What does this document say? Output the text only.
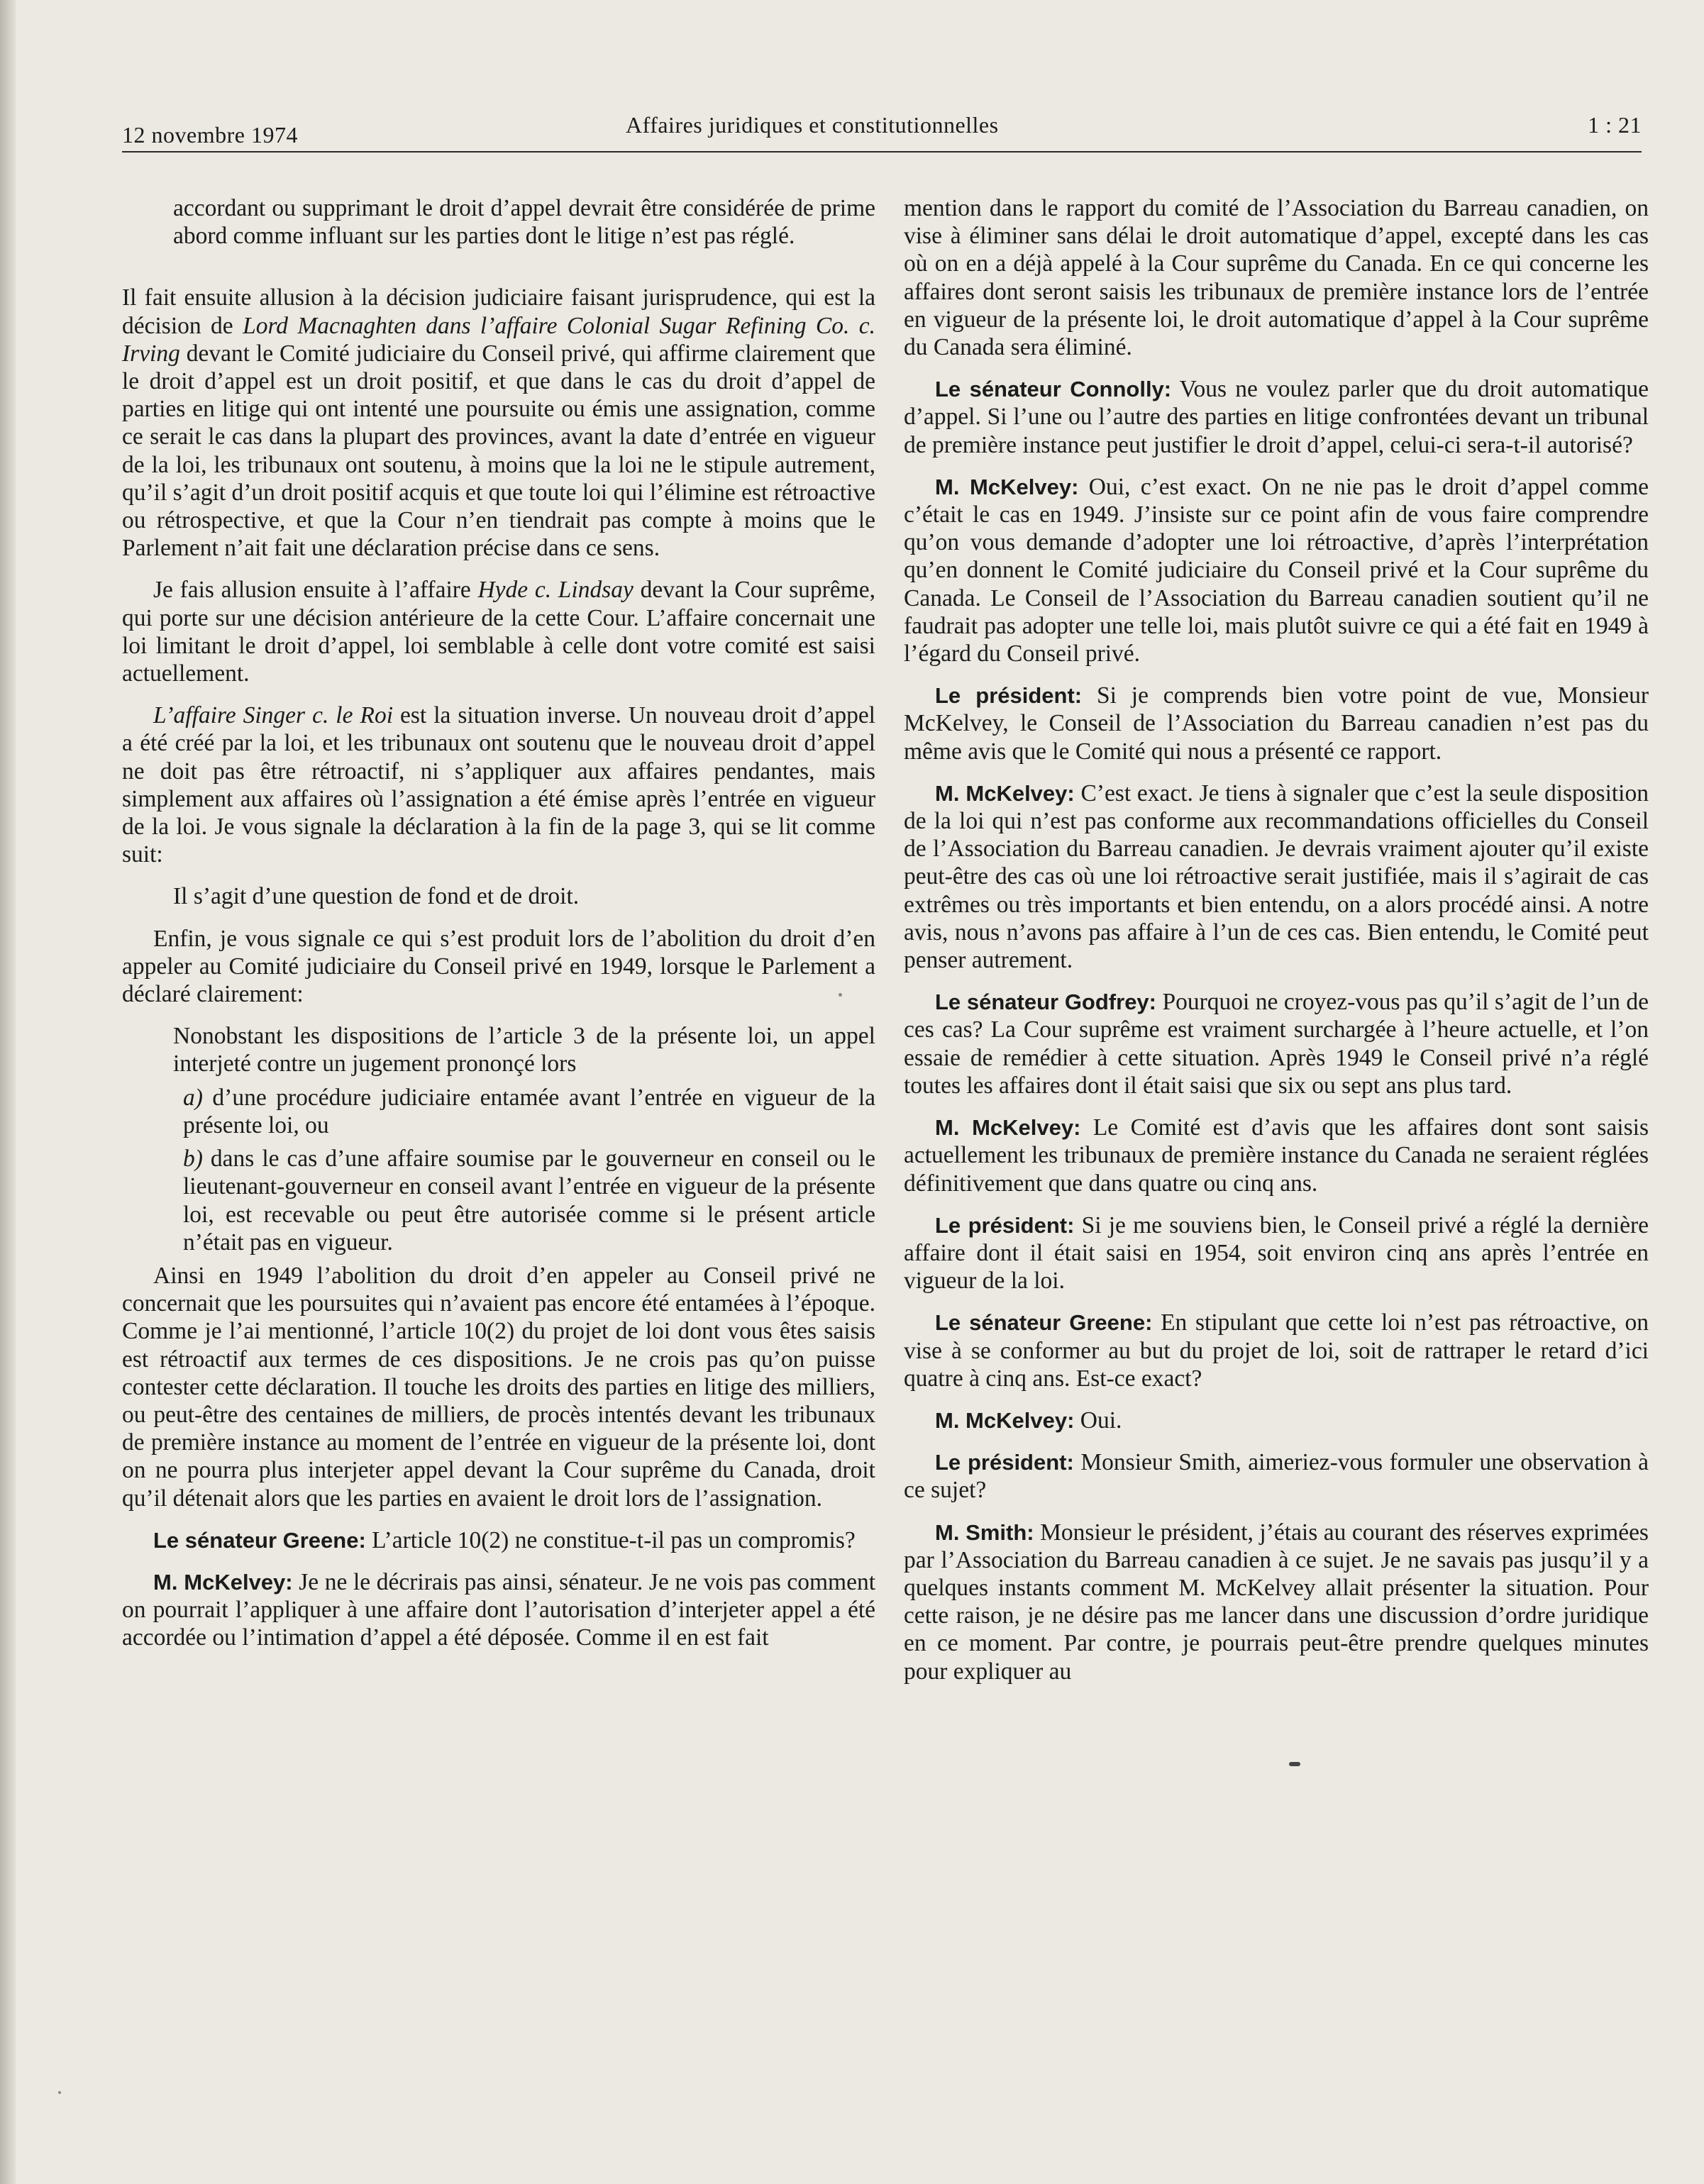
12 novembre 1974	Affaires juridiques et constitutionnelles	1 : 21

accordant ou supprimant le droit d’appel devrait être considérée de prime abord comme influant sur les parties dont le litige n’est pas réglé.

Il fait ensuite allusion à la décision judiciaire faisant jurisprudence, qui est la décision de Lord Macnaghten dans l’affaire Colonial Sugar Refining Co. c. Irving devant le Comité judiciaire du Conseil privé, qui affirme clairement que le droit d’appel est un droit positif, et que dans le cas du droit d’appel de parties en litige qui ont intenté une poursuite ou émis une assignation, comme ce serait le cas dans la plupart des provinces, avant la date d’entrée en vigueur de la loi, les tribunaux ont soutenu, à moins que la loi ne le stipule autrement, qu’il s’agit d’un droit positif acquis et que toute loi qui l’élimine est rétroactive ou rétrospective, et que la Cour n’en tiendrait pas compte à moins que le Parlement n’ait fait une déclaration précise dans ce sens.

Je fais allusion ensuite à l’affaire Hyde c. Lindsay devant la Cour suprême, qui porte sur une décision antérieure de la cette Cour. L’affaire concernait une loi limitant le droit d’appel, loi semblable à celle dont votre comité est saisi actuellement.

L’affaire Singer c. le Roi est la situation inverse. Un nouveau droit d’appel a été créé par la loi, et les tribunaux ont soutenu que le nouveau droit d’appel ne doit pas être rétroactif, ni s’appliquer aux affaires pendantes, mais simplement aux affaires où l’assignation a été émise après l’entrée en vigueur de la loi. Je vous signale la déclaration à la fin de la page 3, qui se lit comme suit:

Il s’agit d’une question de fond et de droit.

Enfin, je vous signale ce qui s’est produit lors de l’abolition du droit d’en appeler au Comité judiciaire du Conseil privé en 1949, lorsque le Parlement a déclaré clairement:

Nonobstant les dispositions de l’article 3 de la présente loi, un appel interjeté contre un jugement prononçé lors

a) d’une procédure judiciaire entamée avant l’entrée en vigueur de la présente loi, ou

b) dans le cas d’une affaire soumise par le gouverneur en conseil ou le lieutenant-gouverneur en conseil avant l’entrée en vigueur de la présente loi, est recevable ou peut être autorisée comme si le présent article n’était pas en vigueur.

Ainsi en 1949 l’abolition du droit d’en appeler au Conseil privé ne concernait que les poursuites qui n’avaient pas encore été entamées à l’époque. Comme je l’ai mentionné, l’article 10(2) du projet de loi dont vous êtes saisis est rétroactif aux termes de ces dispositions. Je ne crois pas qu’on puisse contester cette déclaration. Il touche les droits des parties en litige des milliers, ou peut-être des centaines de milliers, de procès intentés devant les tribunaux de première instance au moment de l’entrée en vigueur de la présente loi, dont on ne pourra plus interjeter appel devant la Cour suprême du Canada, droit qu’il détenait alors que les parties en avaient le droit lors de l’assignation.

Le sénateur Greene: L’article 10(2) ne constitue-t-il pas un compromis?

M. McKelvey: Je ne le décrirais pas ainsi, sénateur. Je ne vois pas comment on pourrait l’appliquer à une affaire dont l’autorisation d’interjeter appel a été accordée ou l’intimation d’appel a été déposée. Comme il en est fait

mention dans le rapport du comité de l’Association du Barreau canadien, on vise à éliminer sans délai le droit automatique d’appel, excepté dans les cas où on en a déjà appelé à la Cour suprême du Canada. En ce qui concerne les affaires dont seront saisis les tribunaux de première instance lors de l’entrée en vigueur de la présente loi, le droit automatique d’appel à la Cour suprême du Canada sera éliminé.

Le sénateur Connolly: Vous ne voulez parler que du droit automatique d’appel. Si l’une ou l’autre des parties en litige confrontées devant un tribunal de première instance peut justifier le droit d’appel, celui-ci sera-t-il autorisé?

M. McKelvey: Oui, c’est exact. On ne nie pas le droit d’appel comme c’était le cas en 1949. J’insiste sur ce point afin de vous faire comprendre qu’on vous demande d’adopter une loi rétroactive, d’après l’interprétation qu’en donnent le Comité judiciaire du Conseil privé et la Cour suprême du Canada. Le Conseil de l’Association du Barreau canadien soutient qu’il ne faudrait pas adopter une telle loi, mais plutôt suivre ce qui a été fait en 1949 à l’égard du Conseil privé.

Le président: Si je comprends bien votre point de vue, Monsieur McKelvey, le Conseil de l’Association du Barreau canadien n’est pas du même avis que le Comité qui nous a présenté ce rapport.

M. McKelvey: C’est exact. Je tiens à signaler que c’est la seule disposition de la loi qui n’est pas conforme aux recommandations officielles du Conseil de l’Association du Barreau canadien. Je devrais vraiment ajouter qu’il existe peut-être des cas où une loi rétroactive serait justifiée, mais il s’agirait de cas extrêmes ou très importants et bien entendu, on a alors procédé ainsi. A notre avis, nous n’avons pas affaire à l’un de ces cas. Bien entendu, le Comité peut penser autrement.

Le sénateur Godfrey: Pourquoi ne croyez-vous pas qu’il s’agit de l’un de ces cas? La Cour suprême est vraiment surchargée à l’heure actuelle, et l’on essaie de remédier à cette situation. Après 1949 le Conseil privé n’a réglé toutes les affaires dont il était saisi que six ou sept ans plus tard.

M. McKelvey: Le Comité est d’avis que les affaires dont sont saisis actuellement les tribunaux de première instance du Canada ne seraient réglées définitivement que dans quatre ou cinq ans.

Le président: Si je me souviens bien, le Conseil privé a réglé la dernière affaire dont il était saisi en 1954, soit environ cinq ans après l’entrée en vigueur de la loi.

Le sénateur Greene: En stipulant que cette loi n’est pas rétroactive, on vise à se conformer au but du projet de loi, soit de rattraper le retard d’ici quatre à cinq ans. Est-ce exact?

M. McKelvey: Oui.

Le président: Monsieur Smith, aimeriez-vous formuler une observation à ce sujet?

M. Smith: Monsieur le président, j’étais au courant des réserves exprimées par l’Association du Barreau canadien à ce sujet. Je ne savais pas jusqu’il y a quelques instants comment M. McKelvey allait présenter la situation. Pour cette raison, je ne désire pas me lancer dans une discussion d’ordre juridique en ce moment. Par contre, je pourrais peut-être prendre quelques minutes pour expliquer au
